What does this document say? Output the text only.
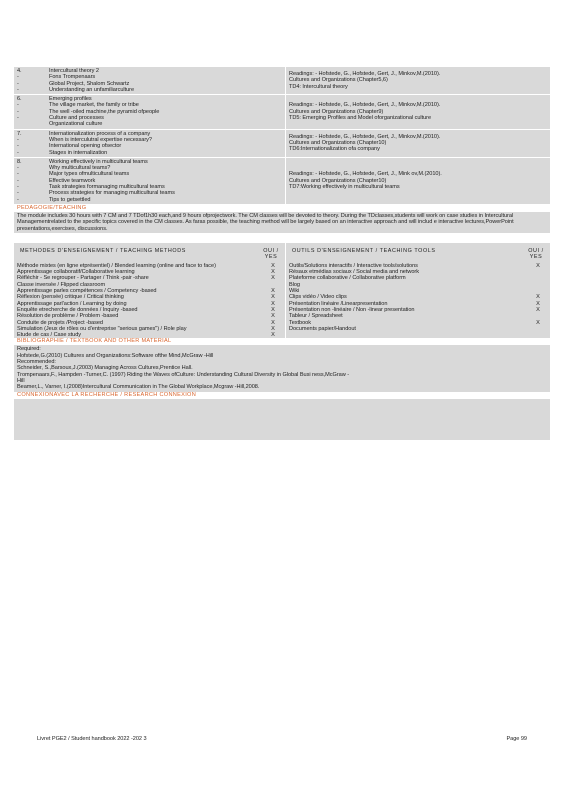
4.	Intercultural theory 2
-	Fons Trompenaars
-	Global Project, Shalom Schwartz
-	Understanding an unfamiliarculture
Readings: - Hofstede, G., Hofstede, Gert, J., Minkov,M.(2010).
Cultures and Organizations (Chapter5,6)
TD4: Intercultural theory
6.	Emerging profiles
-	The village market, the family or tribe
-	The well -oiled machine,the pyramid ofpeople
-	Culture and processes
Organizational culture
Readings: - Hofstede, G., Hofstede, Gert, J., Minkov,M.(2010).
Cultures and Organizations (Chapter9)
TD5: Emerging Profiles and Model oforganizational culture
7.	Internationalization process of a company
-	When is interculutral expertise necessary?
-	International opening ofsector
-	Stages in internalization
Readings: - Hofstede, G., Hofstede, Gert, J., Minkov,M.(2010).
Cultures and Organizations (Chapter10)
TD6:Internationalization ofa company
8.	Working effectively in multicultural teams
-	Why multicultural teams?
-	Major types ofmulticultural teams
-	Effective teamwork
-	Task strategies formanaging multicultural teams
-	Process strategies for managing multicultural teams
-	Tips to getsettled
Readings: - Hofstede, G., Hofstede, Gert, J., Mink ov,M.(2010).
Cultures and Organizations (Chapter10)
TD7:Working effectively in multicultural teams
PEDAGOGIE/TEACHING
The module includes 30 hours with 7 CM and 7 TDof1h30 each,and 9 hours ofprojectwork. The CM classes will be devoted to theory. During the TDclasses,students will work on case studies in Intercultural Managementrelated to the specific topics covered in the CM classes. As faras possible, the teaching method will be largely based on an interactive approach and will includ e interactive lectures,PowerPoint presentations,exercises, discussions.
METHODES D'ENSEIGNEMENT / TEACHING METHODS	OUI / YES
Méthode mixtes (en ligne etprésentiel) / Blended learning (online and face to face)	X
Apprentissage collaboratif/Collaborative learning	X
Réfléchir - Se regrouper - Partager / Think -pair -share	X
Classe inversée / Flipped classroom
Apprentissage parles compétences / Competency -based	X
Réflexion (pensée) critique / Critical thinking	X
Apprentissage parl'action / Learning by doing	X
Enquête etrecherche de données / Inquiry -based	X
Résolution de problème / Problem -based	X
Conduite de projets /Project -based	X
Simulation (Jeux de rôles ou d'entreprise "serious games") / Role play	X
Etude de cas / Case study	X
OUTILS D'ENSEIGNEMENT / TEACHING TOOLS	OUI / YES
Outils/Solutions interactifs / Interactive tools/solutions	X
Résaux etmédias sociaux / Social media and network
Plateforme collaborative / Collaborative platform
Blog
Wiki
Clips vidéo / Video clips	X
Présentation linéaire /Linearpresentation	X
Présentation non -linéaire / Non -linear presentation	X
Tableur / Spreadsheet
Textbook	X
Documents papier/Handout
BIBLIOGRAPHIE / TEXTBOOK AND OTHER MATERIAL
Required:
Hofstede,G.(2010) Cultures and Organizations:Software ofthe Mind,McGraw -Hill
Recommended:
Schneider, S.,Barsoux,J.(2003) Managing Across Cultures,Prentice Hall.
Trompenaars,F., Hampden -Turner,C. (1997) Riding the Waves ofCulture: Understanding Cultural Diversity in Global Busi ness,McGraw -
Hill
Beamer,L., Varner, I.(2008)Intercultural Communication in The Global Workplace,Mcgraw -Hill,2008.
CONNEXIONAVEC LA RECHERCHE / RESEARCH CONNEXION
Livret PGE2 / Student handbook 2022 -202 3	Page 99
